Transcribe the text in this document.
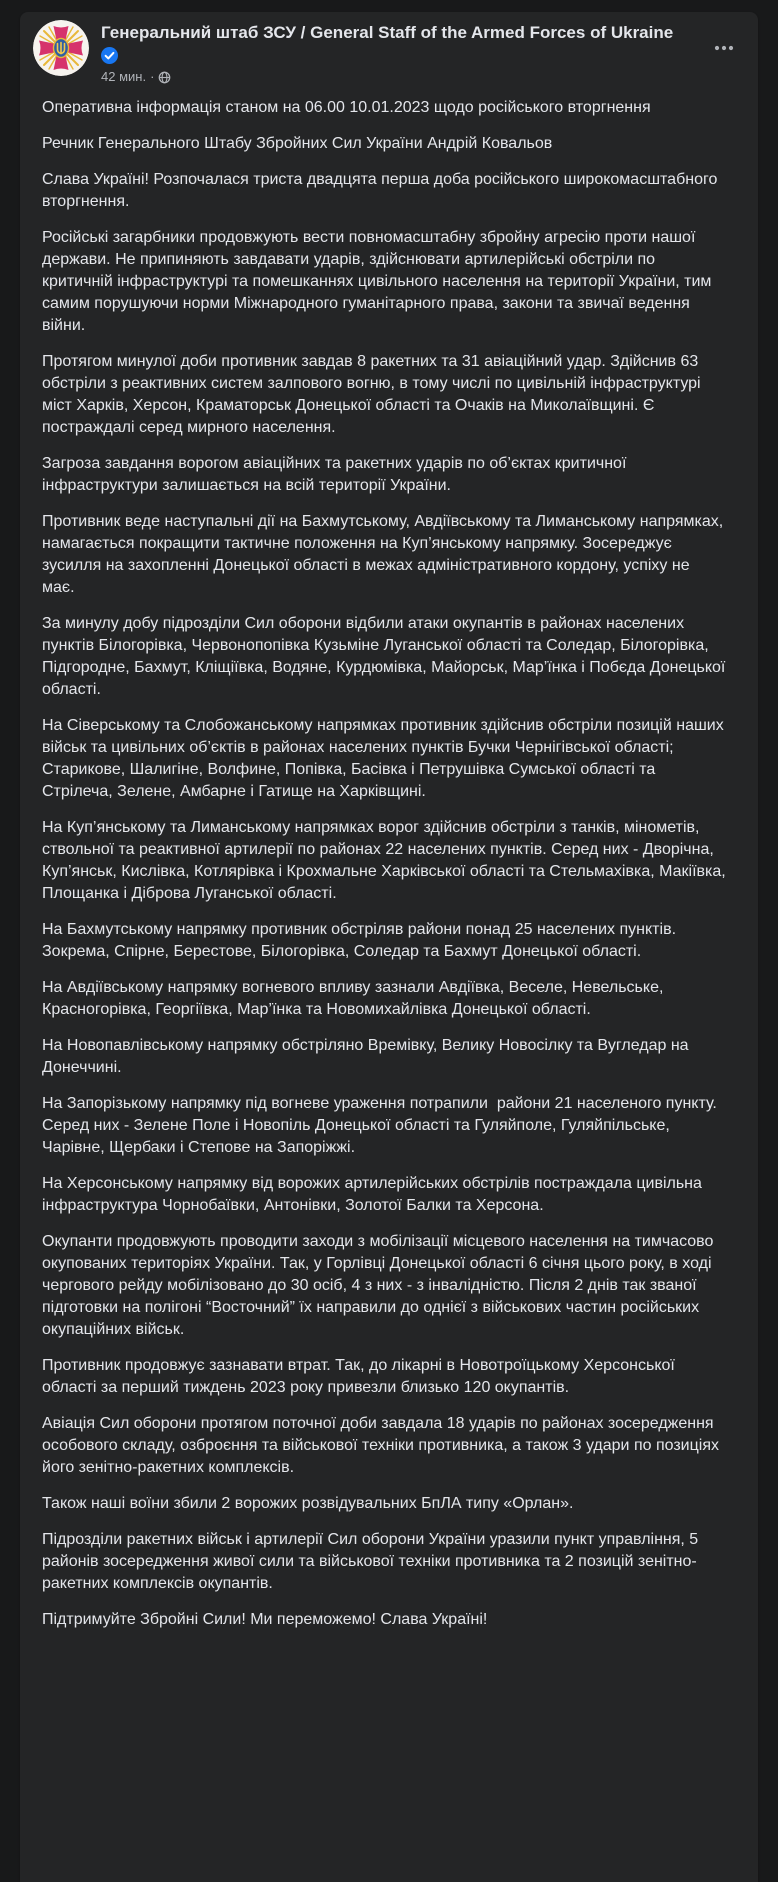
Генеральний штаб ЗСУ / General Staff of the Armed Forces of Ukraine
42 мин. ·

Оперативна інформація станом на 06.00 10.01.2023 щодо російського вторгнення

Речник Генерального Штабу Збройних Сил України Андрій Ковальов

Слава Україні! Розпочалася триста двадцята перша доба російського широкомасштабного вторгнення.

Російські загарбники продовжують вести повномасштабну збройну агресію проти нашої держави. Не припиняють завдавати ударів, здійснювати артилерійські обстріли по критичній інфраструктурі та помешканнях цивільного населення на території України, тим самим порушуючи норми Міжнародного гуманітарного права, закони та звичаї ведення війни.

Протягом минулої доби противник завдав 8 ракетних та 31 авіаційний удар. Здійснив 63 обстріли з реактивних систем залпового вогню, в тому числі по цивільній інфраструктурі міст Харків, Херсон, Краматорськ Донецької області та Очаків на Миколаївщині. Є постраждалі серед мирного населення.

Загроза завдання ворогом авіаційних та ракетних ударів по об’єктах критичної інфраструктури залишається на всій території України.

Противник веде наступальні дії на Бахмутському, Авдіївському та Лиманському напрямках, намагається покращити тактичне положення на Куп’янському напрямку. Зосереджує зусилля на захопленні Донецької області в межах адміністративного кордону, успіху не має.

За минулу добу підрозділи Сил оборони відбили атаки окупантів в районах населених пунктів Білогорівка, Червонопопівка Кузьміне Луганської області та Соледар, Білогорівка, Підгородне, Бахмут, Кліщіївка, Водяне, Курдюмівка, Майорськ, Мар’їнка і Побєда Донецької області.

На Сіверському та Слобожанському напрямках противник здійснив обстріли позицій наших військ та цивільних об’єктів в районах населених пунктів Бучки Чернігівської області; Старикове, Шалигіне, Волфине, Попівка, Басівка і Петрушівка Сумської області та Стрілеча, Зелене, Амбарне і Гатище на Харківщині.

На Куп’янському та Лиманському напрямках ворог здійснив обстріли з танків, мінометів, ствольної та реактивної артилерії по районах 22 населених пунктів. Серед них - Дворічна, Куп’янськ, Кислівка, Котлярівка і Крохмальне Харківської області та Стельмахівка, Макіївка, Площанка і Діброва Луганської області.

На Бахмутському напрямку противник обстріляв райони понад 25 населених пунктів. Зокрема, Спірне, Берестове, Білогорівка, Соледар та Бахмут Донецької області.

На Авдіївському напрямку вогневого впливу зазнали Авдіївка, Веселе, Невельське, Красногорівка, Георгіївка, Мар’їнка та Новомихайлівка Донецької області.

На Новопавлівському напрямку обстріляно Времівку, Велику Новосілку та Вугледар на Донеччині.

На Запорізькому напрямку під вогневе ураження потрапили  райони 21 населеного пункту. Серед них - Зелене Поле і Новопіль Донецької області та Гуляйполе, Гуляйпільське,  Чарівне, Щербаки і Степове на Запоріжжі.

На Херсонському напрямку від ворожих артилерійських обстрілів постраждала цивільна інфраструктура Чорнобаївки, Антонівки, Золотої Балки та Херсона.

Окупанти продовжують проводити заходи з мобілізації місцевого населення на тимчасово окупованих територіях України. Так, у Горлівці Донецької області 6 січня цього року, в ході чергового рейду мобілізовано до 30 осіб, 4 з них - з інвалідністю. Після 2 днів так званої підготовки на полігоні “Восточний” їх направили до однієї з військових частин російських окупаційних військ.

Противник продовжує зазнавати втрат. Так, до лікарні в Новотроїцькому Херсонської області за перший тиждень 2023 року привезли близько 120 окупантів.

Авіація Сил оборони протягом поточної доби завдала 18 ударів по районах зосередження особового складу, озброєння та військової техніки противника, а також 3 удари по позиціях його зенітно-ракетних комплексів.

Також наші воїни збили 2 ворожих розвідувальних БпЛА типу «Орлан».

Підрозділи ракетних військ і артилерії Сил оборони України уразили пункт управління, 5 районів зосередження живої сили та військової техніки противника та 2 позицій зенітно-ракетних комплексів окупантів.

Підтримуйте Збройні Сили! Ми переможемо! Слава Україні!
